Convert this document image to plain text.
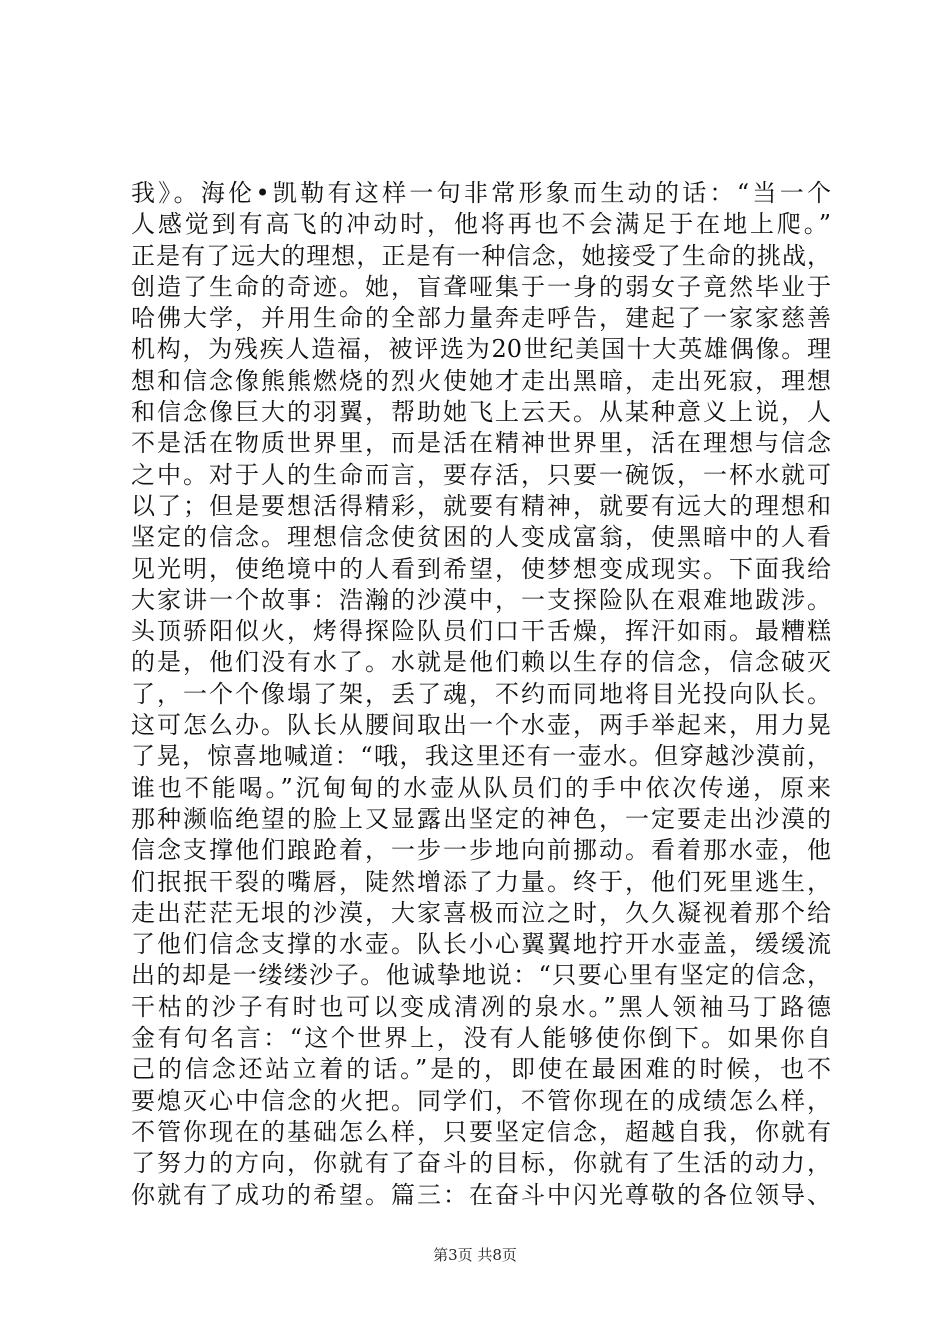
我》。海伦•凯勒有这样一句非常形象而生动的话：“当一个
人感觉到有高飞的冲动时，他将再也不会满足于在地上爬。”
正是有了远大的理想，正是有一种信念，她接受了生命的挑战，
创造了生命的奇迹。她，盲聋哑集于一身的弱女子竟然毕业于
哈佛大学，并用生命的全部力量奔走呼告，建起了一家家慈善
机构，为残疾人造福，被评选为20世纪美国十大英雄偶像。理
想和信念像熊熊燃烧的烈火使她才走出黑暗，走出死寂，理想
和信念像巨大的羽翼，帮助她飞上云天。从某种意义上说，人
不是活在物质世界里，而是活在精神世界里，活在理想与信念
之中。对于人的生命而言，要存活，只要一碗饭，一杯水就可
以了；但是要想活得精彩，就要有精神，就要有远大的理想和
坚定的信念。理想信念使贫困的人变成富翁，使黑暗中的人看
见光明，使绝境中的人看到希望，使梦想变成现实。下面我给
大家讲一个故事：浩瀚的沙漠中，一支探险队在艰难地跋涉。
头顶骄阳似火，烤得探险队员们口干舌燥，挥汗如雨。最糟糕
的是，他们没有水了。水就是他们赖以生存的信念，信念破灭
了，一个个像塌了架，丢了魂，不约而同地将目光投向队长。
这可怎么办。队长从腰间取出一个水壶，两手举起来，用力晃
了晃，惊喜地喊道：“哦，我这里还有一壶水。但穿越沙漠前，
谁也不能喝。”沉甸甸的水壶从队员们的手中依次传递，原来
那种濒临绝望的脸上又显露出坚定的神色，一定要走出沙漠的
信念支撑他们踉跄着，一步一步地向前挪动。看着那水壶，他
们抿抿干裂的嘴唇，陡然增添了力量。终于，他们死里逃生，
走出茫茫无垠的沙漠，大家喜极而泣之时，久久凝视着那个给
了他们信念支撑的水壶。队长小心翼翼地拧开水壶盖，缓缓流
出的却是一缕缕沙子。他诚挚地说：“只要心里有坚定的信念，
干枯的沙子有时也可以变成清冽的泉水。”黑人领袖马丁路德
金有句名言：“这个世界上，没有人能够使你倒下。如果你自
己的信念还站立着的话。”是的，即使在最困难的时候，也不
要熄灭心中信念的火把。同学们，不管你现在的成绩怎么样，
不管你现在的基础怎么样，只要坚定信念，超越自我，你就有
了努力的方向，你就有了奋斗的目标，你就有了生活的动力，
你就有了成功的希望。篇三：在奋斗中闪光尊敬的各位领导、
第3页 共8页
